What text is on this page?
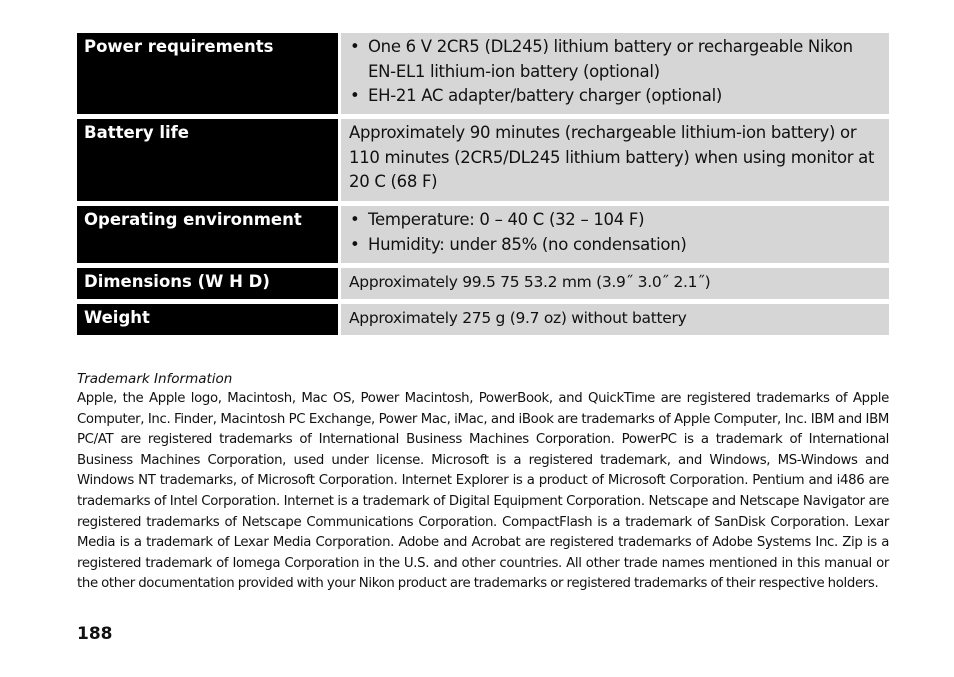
Power requirements	• One 6 V 2CR5 (DL245) lithium battery or rechargeable Nikon EN-EL1 lithium-ion battery (optional)
• EH-21 AC adapter/battery charger (optional)
Battery life	Approximately 90 minutes (rechargeable lithium-ion battery) or 110 minutes (2CR5/DL245 lithium battery) when using monitor at 20 C (68 F)
Operating environment	• Temperature: 0 – 40 C (32 – 104 F)
• Humidity: under 85% (no condensation)
Dimensions (W H D)	Approximately 99.5 75 53.2 mm (3.9˝ 3.0˝ 2.1˝)
Weight	Approximately 275 g (9.7 oz) without battery

Trademark Information

Apple, the Apple logo, Macintosh, Mac OS, Power Macintosh, PowerBook, and QuickTime are registered trademarks of Apple Computer, Inc. Finder, Macintosh PC Exchange, Power Mac, iMac, and iBook are trademarks of Apple Computer, Inc. IBM and IBM PC/AT are registered trademarks of International Business Machines Corporation. PowerPC is a trademark of International Business Machines Corporation, used under license. Microsoft is a registered trademark, and Windows, MS-Windows and Windows NT trademarks, of Microsoft Corporation. Internet Explorer is a product of Microsoft Corporation. Pentium and i486 are trademarks of Intel Corporation. Internet is a trademark of Digital Equipment Corporation. Netscape and Netscape Navigator are registered trademarks of Netscape Communications Corporation. CompactFlash is a trademark of SanDisk Corporation. Lexar Media is a trademark of Lexar Media Corporation. Adobe and Acrobat are registered trademarks of Adobe Systems Inc. Zip is a registered trademark of Iomega Corporation in the U.S. and other countries. All other trade names mentioned in this manual or the other documentation provided with your Nikon product are trademarks or registered trademarks of their respective holders.

188
